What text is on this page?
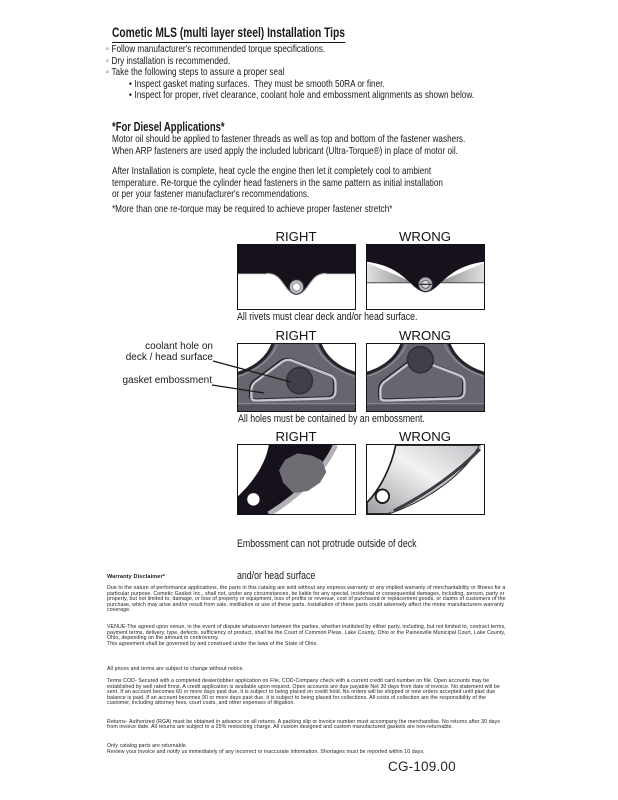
Cometic MLS (multi layer steel) Installation Tips
◦ Follow manufacturer's recommended torque specifications.
◦ Dry installation is recommended.
◦ Take the following steps to assure a proper seal
• Inspect gasket mating surfaces.  They must be smooth 50RA or finer.
• Inspect for proper, rivet clearance, coolant hole and embossment alignments as shown below.
*For Diesel Applications*
Motor oil should be applied to fastener threads as well as top and bottom of the fastener washers.
When ARP fasteners are used apply the included lubricant (Ultra-Torque®) in place of motor oil.
After Installation is complete, heat cycle the engine then let it completely cool to ambient
temperature. Re-torque the cylinder head fasteners in the same pattern as initial installation
or per your fastener manufacturer's recommendations.
*More than one re-torque may be required to achieve proper fastener stretch*
RIGHT	WRONG
All rivets must clear deck and/or head surface.
RIGHT	WRONG
coolant hole on
deck / head surface
gasket embossment
All holes must be contained by an embossment.
RIGHT	WRONG

Embossment can not protrude outside of deck

and/or head surface

Warranty Disclaimer*

Due to the nature of performance applications, the parts in this catalog are sold without any express warranty or any implied warranty of merchantability or fitness for a particular purpose. Cometic Gasket Inc., shall not, under any circumstances, be liable for any special, incidental or consequential damages, including, person, party or property, but not limited to, damage, or loss of property or equipment, loss of profits or revenue, cost of purchased or replacement goods, or claims of customers of the purchase, which may arise and/or result from sale, instillation or use of these parts. Installation of these parts could adversely affect the motor manufacturers warranty coverage.

VENUE-The agreed upon venue, in the event of dispute whatsoever between the parties, whether instituted by either party, including, but not limited to, contract terms, payment terms, delivery, type, defects, sufficiency of product, shall be the Court of Common Pleas, Lake County, Ohio or the Painesville Municipal Court, Lake County, Ohio, depending on the amount in controversy.

This agreement shall be governed by and construed under the laws of the State of Ohio.

All prices and terms are subject to change without notice.

Terms COD- Secured with a completed dealer/jobber application on File, COD-Company check with a current credit card number on file. Open accounts may be established by well rated firms. A credit application is available upon request. Open accounts are due payable Net 30 days from date of invoice. No statement will be sent. If an account becomes 60 or more days past due, it is subject to being placed on credit hold. No orders will be shipped or new orders accepted until past due balance is paid. If an account becomes 90 or more days past due, it is subject to being placed for collections. All costs of collection are the responsibility of the customer, including attorney fees, court costs, and other expenses of litigation.

Returns- Authorized (RGA) must be obtained in advance on all returns. A packing slip or invoice number must accompany the merchandise. No returns after 30 days from invoice date. All returns are subject to a 25% restocking charge. All custom designed and custom manufactured gaskets are non-returnable.

Only catalog parts are returnable.

Review your invoice and notify us immediately of any incorrect or inaccurate information. Shortages must be reported within 10 days.

CG-109.00
